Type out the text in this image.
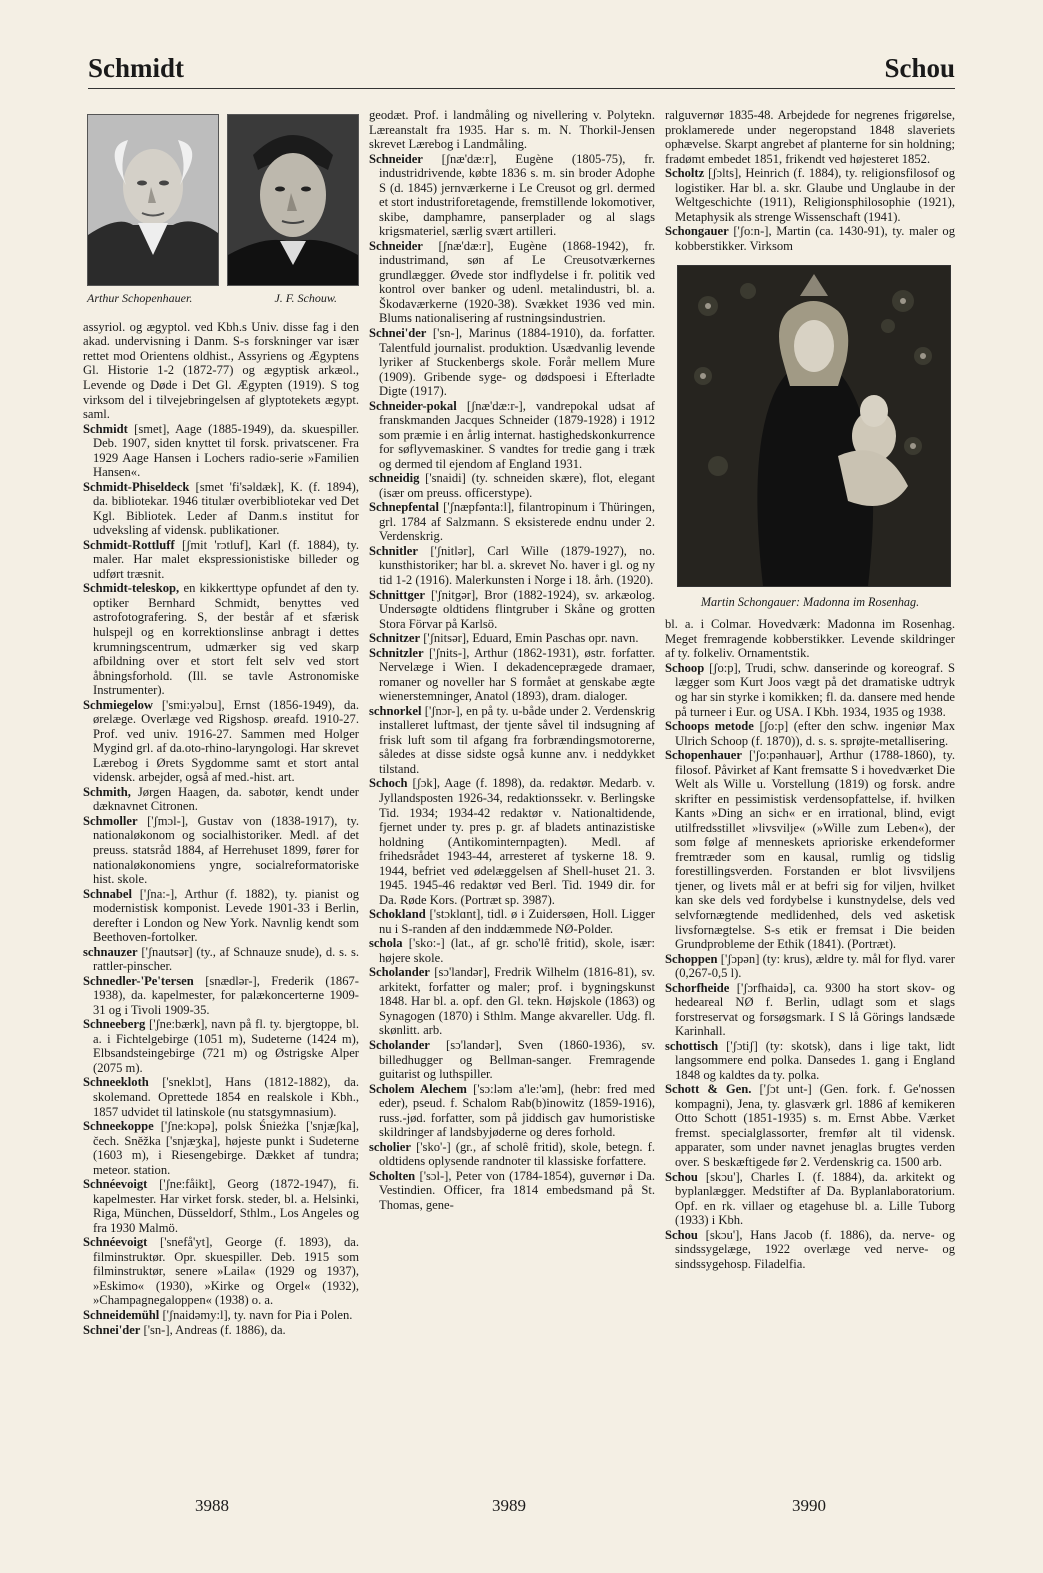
Schmidt	Schou
Arthur Schopenhauer.	J. F. Schouw.

assyriol. og ægyptol. ved Kbh.s Univ. disse fag i den akad. undervisning i Danm. S-s forskninger var især rettet mod Orientens oldhist., Assyriens og Ægyptens Gl. Historie 1-2 (1872-77) og ægyptisk arkæol., Levende og Døde i Det Gl. Ægypten (1919). S tog virksom del i tilvejebringelsen af glyptotekets ægypt. saml.

Schmidt [smet], Aage (1885-1949), da. skuespiller. Deb. 1907, siden knyttet til forsk. privatscener. Fra 1929 Aage Hansen i Lochers radio-serie »Familien Hansen«.

Schmidt-Phiseldeck [smet 'fi'səldæk], K. (f. 1894), da. bibliotekar. 1946 titulær overbibliotekar ved Det Kgl. Bibliotek. Leder af Danm.s institut for udveksling af vidensk. publikationer.

Schmidt-Rottluff [ʃmit 'rɔtluf], Karl (f. 1884), ty. maler. Har malet ekspressionistiske billeder og udført træsnit.

Schmidt-teleskop, en kikkerttype opfundet af den ty. optiker Bernhard Schmidt, benyttes ved astrofotografering. S, der består af et sfærisk hulspejl og en korrektionslinse anbragt i dettes krumningscentrum, udmærker sig ved skarp afbildning over et stort felt selv ved stort åbningsforhold. (Ill. se tavle Astronomiske Instrumenter).

Schmiegelow ['smi:yəlɔu], Ernst (1856-1949), da. ørelæge. Overlæge ved Rigshosp. øreafd. 1910-27. Prof. ved univ. 1916-27. Sammen med Holger Mygind grl. af da.oto-rhino-laryngologi. Har skrevet Lærebog i Ørets Sygdomme samt et stort antal vidensk. arbejder, også af med.-hist. art.

Schmith, Jørgen Haagen, da. sabotør, kendt under dæknavnet Citronen.

Schmoller ['ʃmɔl-], Gustav von (1838-1917), ty. nationaløkonom og socialhistoriker. Medl. af det preuss. statsråd 1884, af Herrehuset 1899, fører for nationaløkonomiens yngre, socialreformatoriske hist. skole.

Schnabel ['ʃna:-], Arthur (f. 1882), ty. pianist og modernistisk komponist. Levede 1901-33 i Berlin, derefter i London og New York. Navnlig kendt som Beethoven-fortolker.

schnauzer ['ʃnautsər] (ty., af Schnauze snude), d. s. s. rattler-pinscher.

Schnedler-'Pe'tersen [snædlər-], Frederik (1867-1938), da. kapelmester, for palækoncerterne 1909-31 og i Tivoli 1909-35.

Schneeberg ['ʃne:bærk], navn på fl. ty. bjergtoppe, bl. a. i Fichtelgebirge (1051 m), Sudeterne (1424 m), Elbsandsteingebirge (721 m) og Østrigske Alper (2075 m).

Schneekloth ['sneklɔt], Hans (1812-1882), da. skolemand. Oprettede 1854 en realskole i Kbh., 1857 udvidet til latinskole (nu statsgymnasium).

Schneekoppe ['ʃne:kɔpə], polsk Śnieżka ['snjæʃka], čech. Sněžka ['snjæʒka], højeste punkt i Sudeterne (1603 m), i Riesengebirge. Dækket af tundra; meteor. station.

Schnéevoigt ['ʃne:fåikt], Georg (1872-1947), fi. kapelmester. Har virket forsk. steder, bl. a. Helsinki, Riga, München, Düsseldorf, Sthlm., Los Angeles og fra 1930 Malmö.

Schnéevoigt ['snefå'yt], George (f. 1893), da. filminstruktør. Opr. skuespiller. Deb. 1915 som filminstruktør, senere »Laila« (1929 og 1937), »Eskimo« (1930), »Kirke og Orgel« (1932), »Champagnegaloppen« (1938) o. a.

Schneidemühl ['ʃnaidəmy:l], ty. navn for Pia i Polen.

Schnei'der ['sn-], Andreas (f. 1886), da.

geodæt. Prof. i landmåling og nivellering v. Polytekn. Læreanstalt fra 1935. Har s. m. N. Thorkil-Jensen skrevet Lærebog i Landmåling.

Schneider [ʃnæ'dæ:r], Eugène (1805-75), fr. industridrivende, købte 1836 s. m. sin broder Adophe S (d. 1845) jernværkerne i Le Creusot og grl. dermed et stort industriforetagende, fremstillende lokomotiver, skibe, damphamre, panserplader og al slags krigsmateriel, særlig svært artilleri.

Schneider [ʃnæ'dæ:r], Eugène (1868-1942), fr. industrimand, søn af Le Creusotværkernes grundlægger. Øvede stor indflydelse i fr. politik ved kontrol over banker og udenl. metalindustri, bl. a. Škodaværkerne (1920-38). Svækket 1936 ved min. Blums nationalisering af rustningsindustrien.

Schnei'der ['sn-], Marinus (1884-1910), da. forfatter. Talentfuld journalist. produktion. Usædvanlig levende lyriker af Stuckenbergs skole. Forår mellem Mure (1909). Gribende syge- og dødspoesi i Efterladte Digte (1917).

Schneider-pokal [ʃnæ'dæ:r-], vandrepokal udsat af franskmanden Jacques Schneider (1879-1928) i 1912 som præmie i en årlig internat. hastighedskonkurrence for søflyvemaskiner. S vandtes for tredie gang i træk og dermed til ejendom af England 1931.

schneidig ['snaidi] (ty. schneiden skære), flot, elegant (især om preuss. officerstype).

Schnepfental ['ʃnæpfənta:l], filantropinum i Thüringen, grl. 1784 af Salzmann. S eksisterede endnu under 2. Verdenskrig.

Schnitler ['ʃnitlər], Carl Wille (1879-1927), no. kunsthistoriker; har bl. a. skrevet No. haver i gl. og ny tid 1-2 (1916). Malerkunsten i Norge i 18. årh. (1920).

Schnittger ['ʃnitgər], Bror (1882-1924), sv. arkæolog. Undersøgte oldtidens flintgruber i Skåne og grotten Stora Förvar på Karlsö.

Schnitzer ['ʃnitsər], Eduard, Emin Paschas opr. navn.

Schnitzler ['ʃnits-], Arthur (1862-1931), østr. forfatter. Nervelæge i Wien. I dekadenceprægede dramaer, romaner og noveller har S formået at genskabe ægte wienerstemninger, Anatol (1893), dram. dialoger.

schnorkel ['ʃnɔr-], en på ty. u-både under 2. Verdenskrig installeret luftmast, der tjente såvel til indsugning af frisk luft som til afgang fra forbrændingsmotorerne, således at disse sidste også kunne anv. i neddykket tilstand.

Schoch [ʃɔk], Aage (f. 1898), da. redaktør. Medarb. v. Jyllandsposten 1926-34, redaktionssekr. v. Berlingske Tid. 1934; 1934-42 redaktør v. Nationaltidende, fjernet under ty. pres p. gr. af bladets antinazistiske holdning (Antikominternpagten). Medl. af frihedsrådet 1943-44, arresteret af tyskerne 18. 9. 1944, befriet ved ødelæggelsen af Shell-huset 21. 3. 1945. 1945-46 redaktør ved Berl. Tid. 1949 dir. for Da. Røde Kors. (Portræt sp. 3987).

Schokland ['stɔklɑnt], tidl. ø i Zuidersøen, Holl. Ligger nu i S-randen af den inddæmmede NØ-Polder.

schola ['sko:-] (lat., af gr. scho'lê fritid), skole, især: højere skole.

Scholander [sɔ'landər], Fredrik Wilhelm (1816-81), sv. arkitekt, forfatter og maler; prof. i bygningskunst 1848. Har bl. a. opf. den Gl. tekn. Højskole (1863) og Synagogen (1870) i Sthlm. Mange akvareller. Udg. fl. skønlitt. arb.

Scholander [sɔ'landər], Sven (1860-1936), sv. billedhugger og Bellman-sanger. Fremragende guitarist og luthspiller.

Scholem Alechem ['sɔ:ləm a'le:'əm], (hebr: fred med eder), pseud. f. Schalom Rab(b)inowitz (1859-1916), russ.-jød. forfatter, som på jiddisch gav humoristiske skildringer af landsbyjøderne og deres forhold.

scholier ['sko'-] (gr., af scholê fritid), skole, betegn. f. oldtidens oplysende randnoter til klassiske forfattere.

Scholten ['sɔl-], Peter von (1784-1854), guvernør i Da. Vestindien. Officer, fra 1814 embedsmand på St. Thomas, gene-

ralguvernør 1835-48. Arbejdede for negrenes frigørelse, proklamerede under negeropstand 1848 slaveriets ophævelse. Skarpt angrebet af planterne for sin holdning; fradømt embedet 1851, frikendt ved højesteret 1852.

Scholtz [ʃɔlts], Heinrich (f. 1884), ty. religionsfilosof og logistiker. Har bl. a. skr. Glaube und Unglaube in der Weltgeschichte (1911), Religionsphilosophie (1921), Metaphysik als strenge Wissenschaft (1941).

Schongauer ['ʃo:n-], Martin (ca. 1430-91), ty. maler og kobberstikker. Virksom

Martin Schongauer: Madonna im Rosenhag.

bl. a. i Colmar. Hovedværk: Madonna im Rosenhag. Meget fremragende kobberstikker. Levende skildringer af ty. folkeliv. Ornamentstik.

Schoop [ʃo:p], Trudi, schw. danserinde og koreograf. S lægger som Kurt Joos vægt på det dramatiske udtryk og har sin styrke i komikken; fl. da. dansere med hende på turneer i Eur. og USA. I Kbh. 1934, 1935 og 1938.

Schoops metode [ʃo:p] (efter den schw. ingeniør Max Ulrich Schoop (f. 1870)), d. s. s. sprøjte-metallisering.

Schopenhauer ['ʃo:pənhauər], Arthur (1788-1860), ty. filosof. Påvirket af Kant fremsatte S i hovedværket Die Welt als Wille u. Vorstellung (1819) og forsk. andre skrifter en pessimistisk verdensopfattelse, if. hvilken Kants »Ding an sich« er en irrational, blind, evigt utilfredsstillet »livsvilje« (»Wille zum Leben«), der som følge af menneskets aprioriske erkendeformer fremtræder som en kausal, rumlig og tidslig forestillingsverden. Forstanden er blot livsviljens tjener, og livets mål er at befri sig for viljen, hvilket kan ske dels ved fordybelse i kunstnydelse, dels ved selvfornægtende medlidenhed, dels ved asketisk livsfornægtelse. S-s etik er fremsat i Die beiden Grundprobleme der Ethik (1841). (Portræt).

Schoppen ['ʃɔpən] (ty: krus), ældre ty. mål for flyd. varer (0,267-0,5 l).

Schorfheide ['ʃɔrfhaidə], ca. 9300 ha stort skov- og hedeareal NØ f. Berlin, udlagt som et slags forstreservat og forsøgsmark. I S lå Görings landsæde Karinhall.

schottisch ['ʃɔtiʃ] (ty: skotsk), dans i lige takt, lidt langsommere end polka. Dansedes 1. gang i England 1848 og kaldtes da ty. polka.

Schott & Gen. ['ʃɔt unt-] (Gen. fork. f. Ge'nossen kompagni), Jena, ty. glasværk grl. 1886 af kemikeren Otto Schott (1851-1935) s. m. Ernst Abbe. Værket fremst. specialglassorter, fremfør alt til vidensk. apparater, som under navnet jenaglas brugtes verden over. S beskæftigede før 2. Verdenskrig ca. 1500 arb.

Schou [skɔu'], Charles I. (f. 1884), da. arkitekt og byplanlægger. Medstifter af Da. Byplanlaboratorium. Opf. en rk. villaer og etagehuse bl. a. Lille Tuborg (1933) i Kbh.

Schou [skɔu'], Hans Jacob (f. 1886), da. nerve- og sindssygelæge, 1922 overlæge ved nerve- og sindssygehosp. Filadelfia.

3988	3989	3990
